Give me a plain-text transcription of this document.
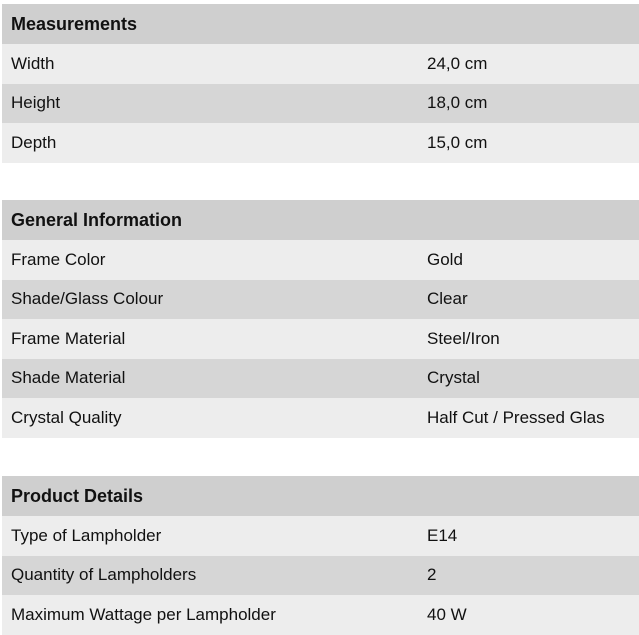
Measurements
Width	24,0 cm
Height	18,0 cm
Depth	15,0 cm
General Information
Frame Color	Gold
Shade/Glass Colour	Clear
Frame Material	Steel/Iron
Shade Material	Crystal
Crystal Quality	Half Cut / Pressed Glas
Product Details
Type of Lampholder	E14
Quantity of Lampholders	2
Maximum Wattage per Lampholder	40 W
